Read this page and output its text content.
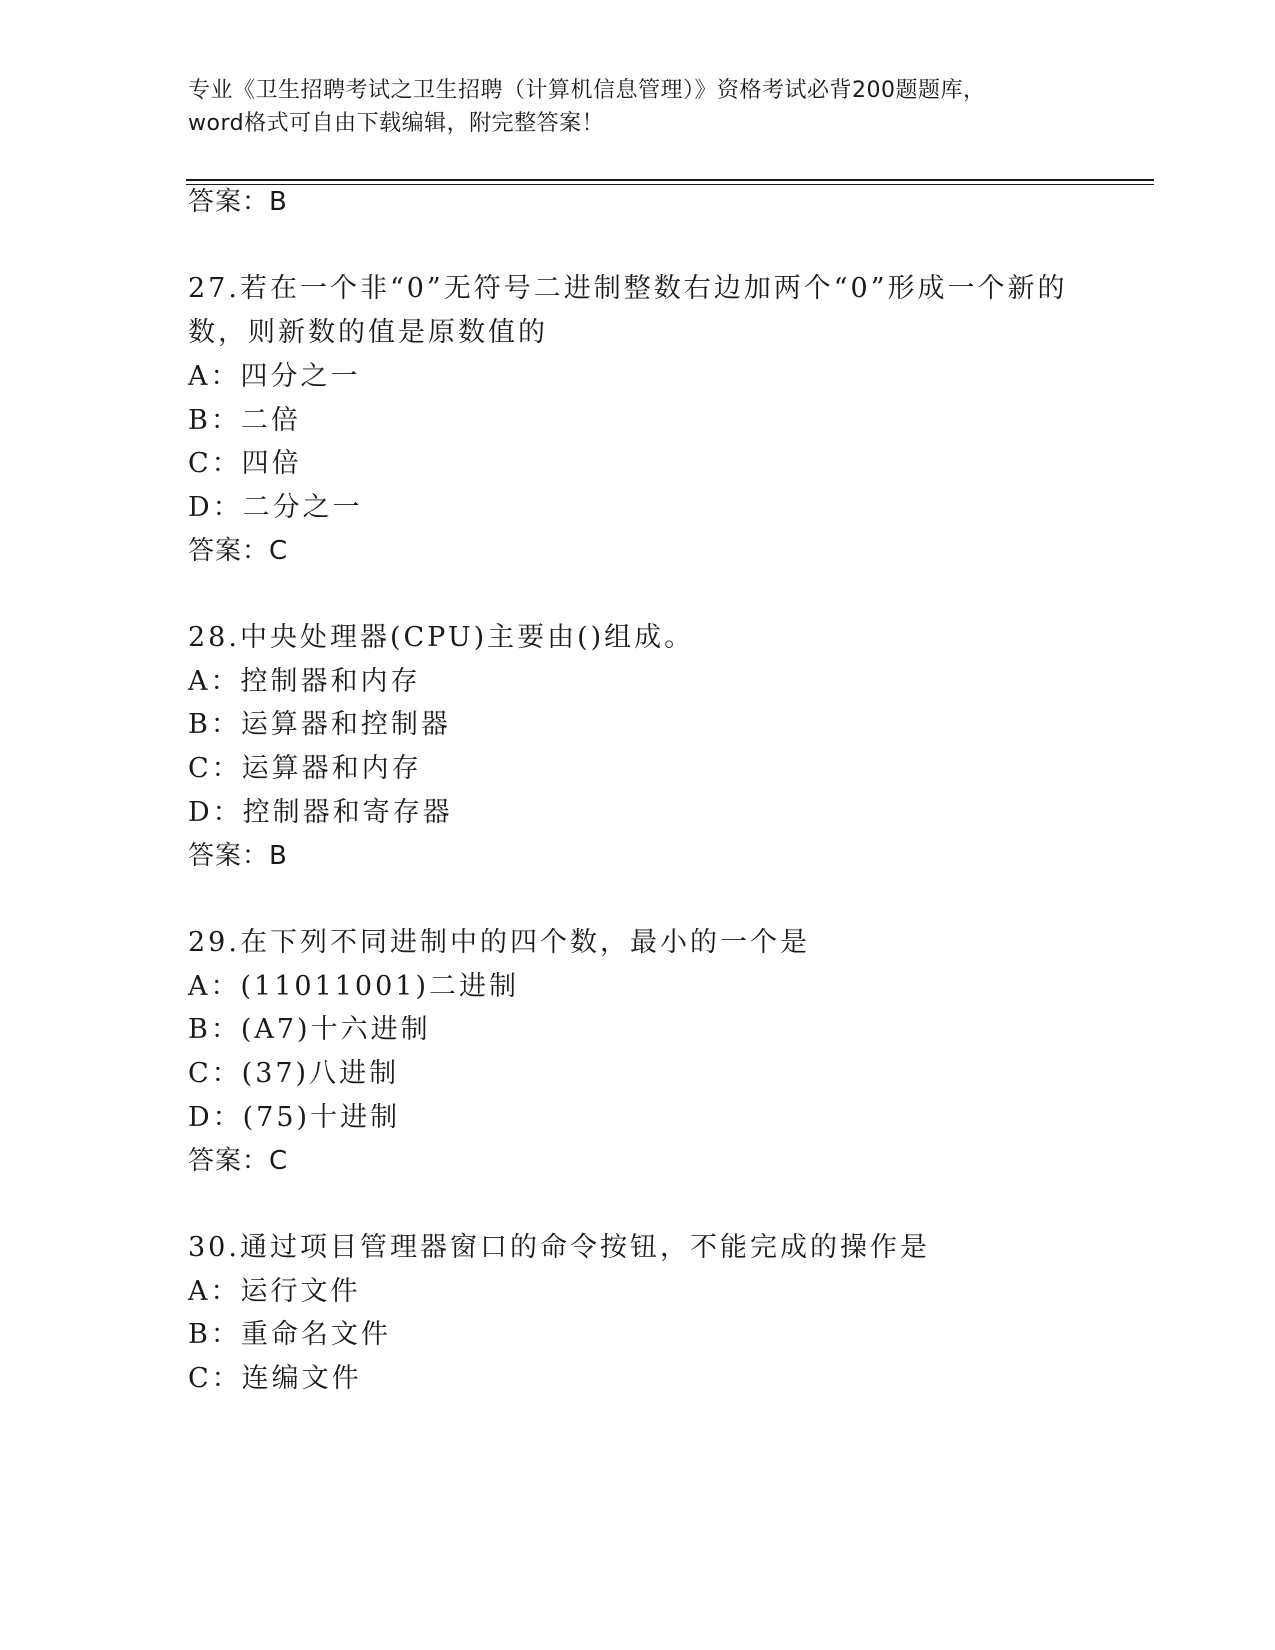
专业《卫生招聘考试之卫生招聘（计算机信息管理）》资格考试必背200题题库，
word格式可自由下载编辑，附完整答案！
答案：B
27.若在一个非“0”无符号二进制整数右边加两个“0”形成一个新的
数，则新数的值是原数值的
A：四分之一
B：二倍
C：四倍
D：二分之一
答案：C
28.中央处理器(CPU)主要由()组成。
A：控制器和内存
B：运算器和控制器
C：运算器和内存
D：控制器和寄存器
答案：B
29.在下列不同进制中的四个数，最小的一个是
A：(11011001)二进制
B：(A7)十六进制
C：(37)八进制
D：(75)十进制
答案：C
30.通过项目管理器窗口的命令按钮，不能完成的操作是
A：运行文件
B：重命名文件
C：连编文件
